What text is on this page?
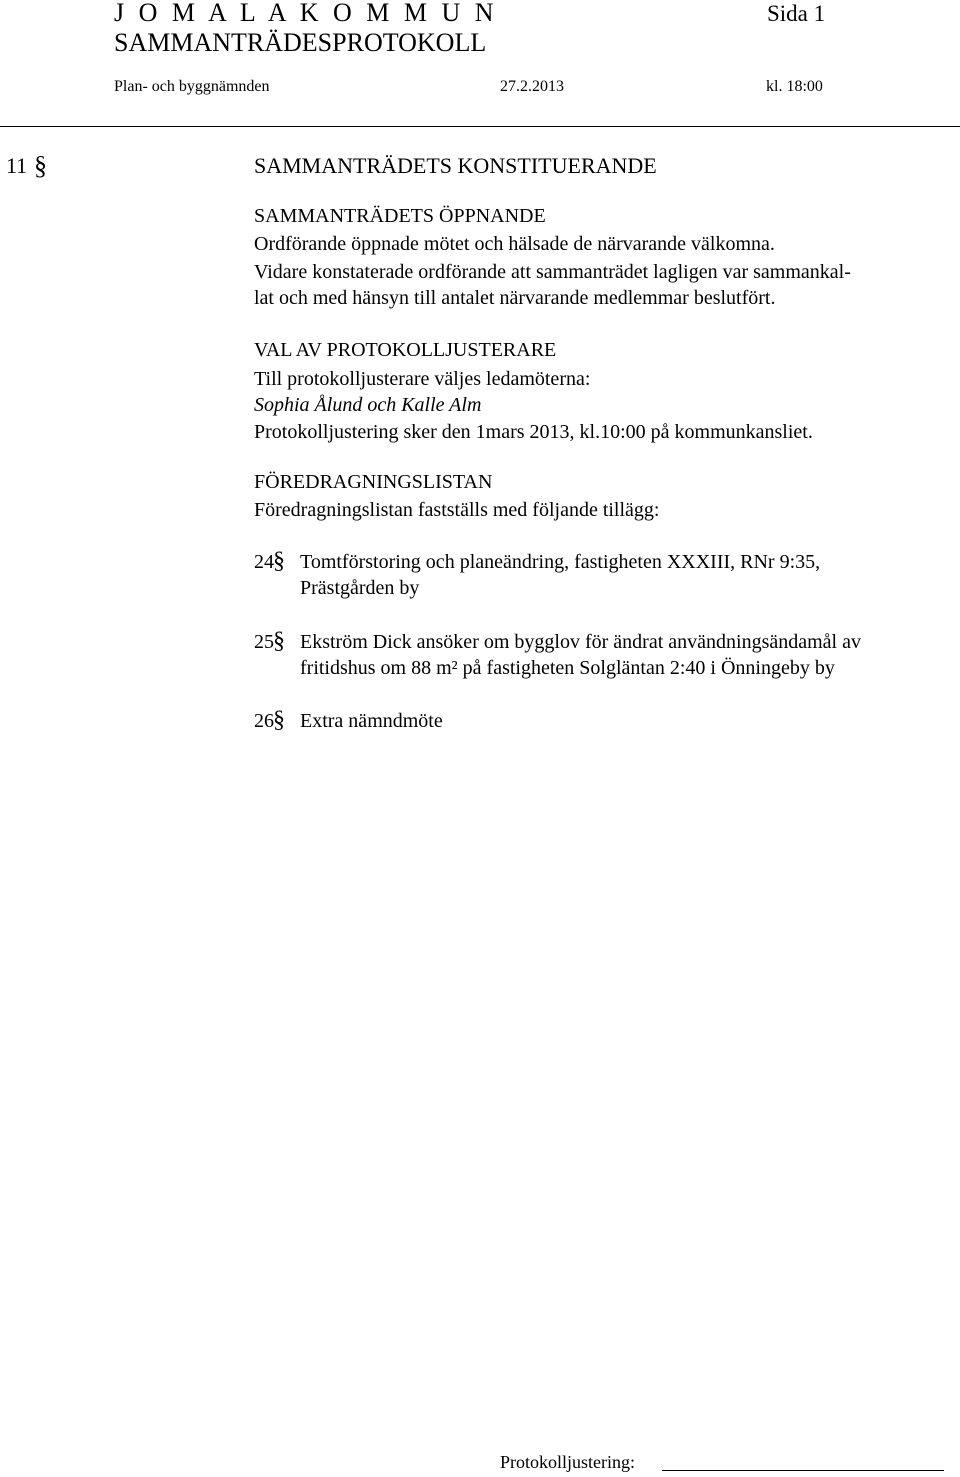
J O M A L A K O M M U N	Sida 1
SAMMANTRÄDESPROTOKOLL
Plan- och byggnämnden	27.2.2013	kl. 18:00
11 §	SAMMANTRÄDETS KONSTITUERANDE
SAMMANTRÄDETS ÖPPNANDE
Ordförande öppnade mötet och hälsade de närvarande välkomna.
Vidare konstaterade ordförande att sammanträdet lagligen var sammankal-
lat och med hänsyn till antalet närvarande medlemmar beslutfört.
VAL AV PROTOKOLLJUSTERARE
Till protokolljusterare väljes ledamöterna:
Sophia Ålund och Kalle Alm
Protokolljustering sker den 1mars 2013, kl.10:00 på kommunkansliet.
FÖREDRAGNINGSLISTAN
Föredragningslistan fastställs med följande tillägg:
24 § Tomtförstoring och planeändring, fastigheten XXXIII, RNr 9:35,
Prästgården by
25 § Ekström Dick ansöker om bygglov för ändrat användningsändamål av
fritidshus om 88 m² på fastigheten Solgläntan 2:40 i Önningeby by
26 § Extra nämndmöte
Protokolljustering:
